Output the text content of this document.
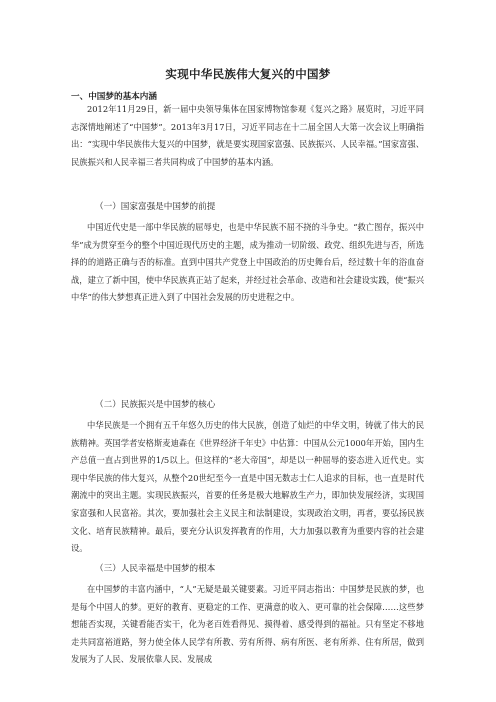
实现中华民族伟大复兴的中国梦
一、中国梦的基本内涵

2012年11月29日，新一届中央领导集体在国家博物馆参观《复兴之路》展览时，习近平同志深情地阐述了“中国梦”。2013年3月17日，习近平同志在十二届全国人大第一次会议上明确指出：“实现中华民族伟大复兴的中国梦，就是要实现国家富强、民族振兴、人民幸福。”国家富强、民族振兴和人民幸福三者共同构成了中国梦的基本内涵。

（一）国家富强是中国梦的前提

中国近代史是一部中华民族的屈辱史，也是中华民族不屈不挠的斗争史。“救亡图存，振兴中华”成为贯穿至今的整个中国近现代历史的主题，成为推动一切阶级、政党、组织先进与否，所选择的的道路正确与否的标准。直到中国共产党登上中国政治的历史舞台后，经过数十年的浴血奋战，建立了新中国，使中华民族真正站了起来，并经过社会革命、改造和社会建设实践，使“振兴中华”的伟大梦想真正进入到了中国社会发展的历史进程之中。

（二）民族振兴是中国梦的核心

中华民族是一个拥有五千年悠久历史的伟大民族，创造了灿烂的中华文明，铸就了伟大的民族精神。英国学者安格斯麦迪森在《世界经济千年史》中估算：中国从公元1000年开始，国内生产总值一直占到世界的1/5以上。但这样的“老大帝国”，却是以一种屈辱的姿态进入近代史。实现中华民族的伟大复兴，从整个20世纪至今一直是中国无数志士仁人追求的目标，也一直是时代潮流中的突出主题。实现民族振兴，首要的任务是极大地解放生产力，即加快发展经济，实现国家富强和人民富裕。其次，要加强社会主义民主和法制建设，实现政治文明，再者，要弘扬民族文化、培育民族精神。最后，要充分认识发挥教育的作用，大力加强以教育为重要内容的社会建设。

（三）人民幸福是中国梦的根本

在中国梦的丰富内涵中，“人”无疑是最关键要素。习近平同志指出：中国梦是民族的梦，也是每个中国人的梦。更好的教育、更稳定的工作、更满意的收入、更可靠的社会保障……这些梦想能否实现，关键看能否实干，化为老百姓看得见、摸得着、感受得到的福祉。只有坚定不移地走共同富裕道路，努力使全体人民学有所教、劳有所得、病有所医、老有所养、住有所居，做到发展为了人民、发展依靠人民、发展成
